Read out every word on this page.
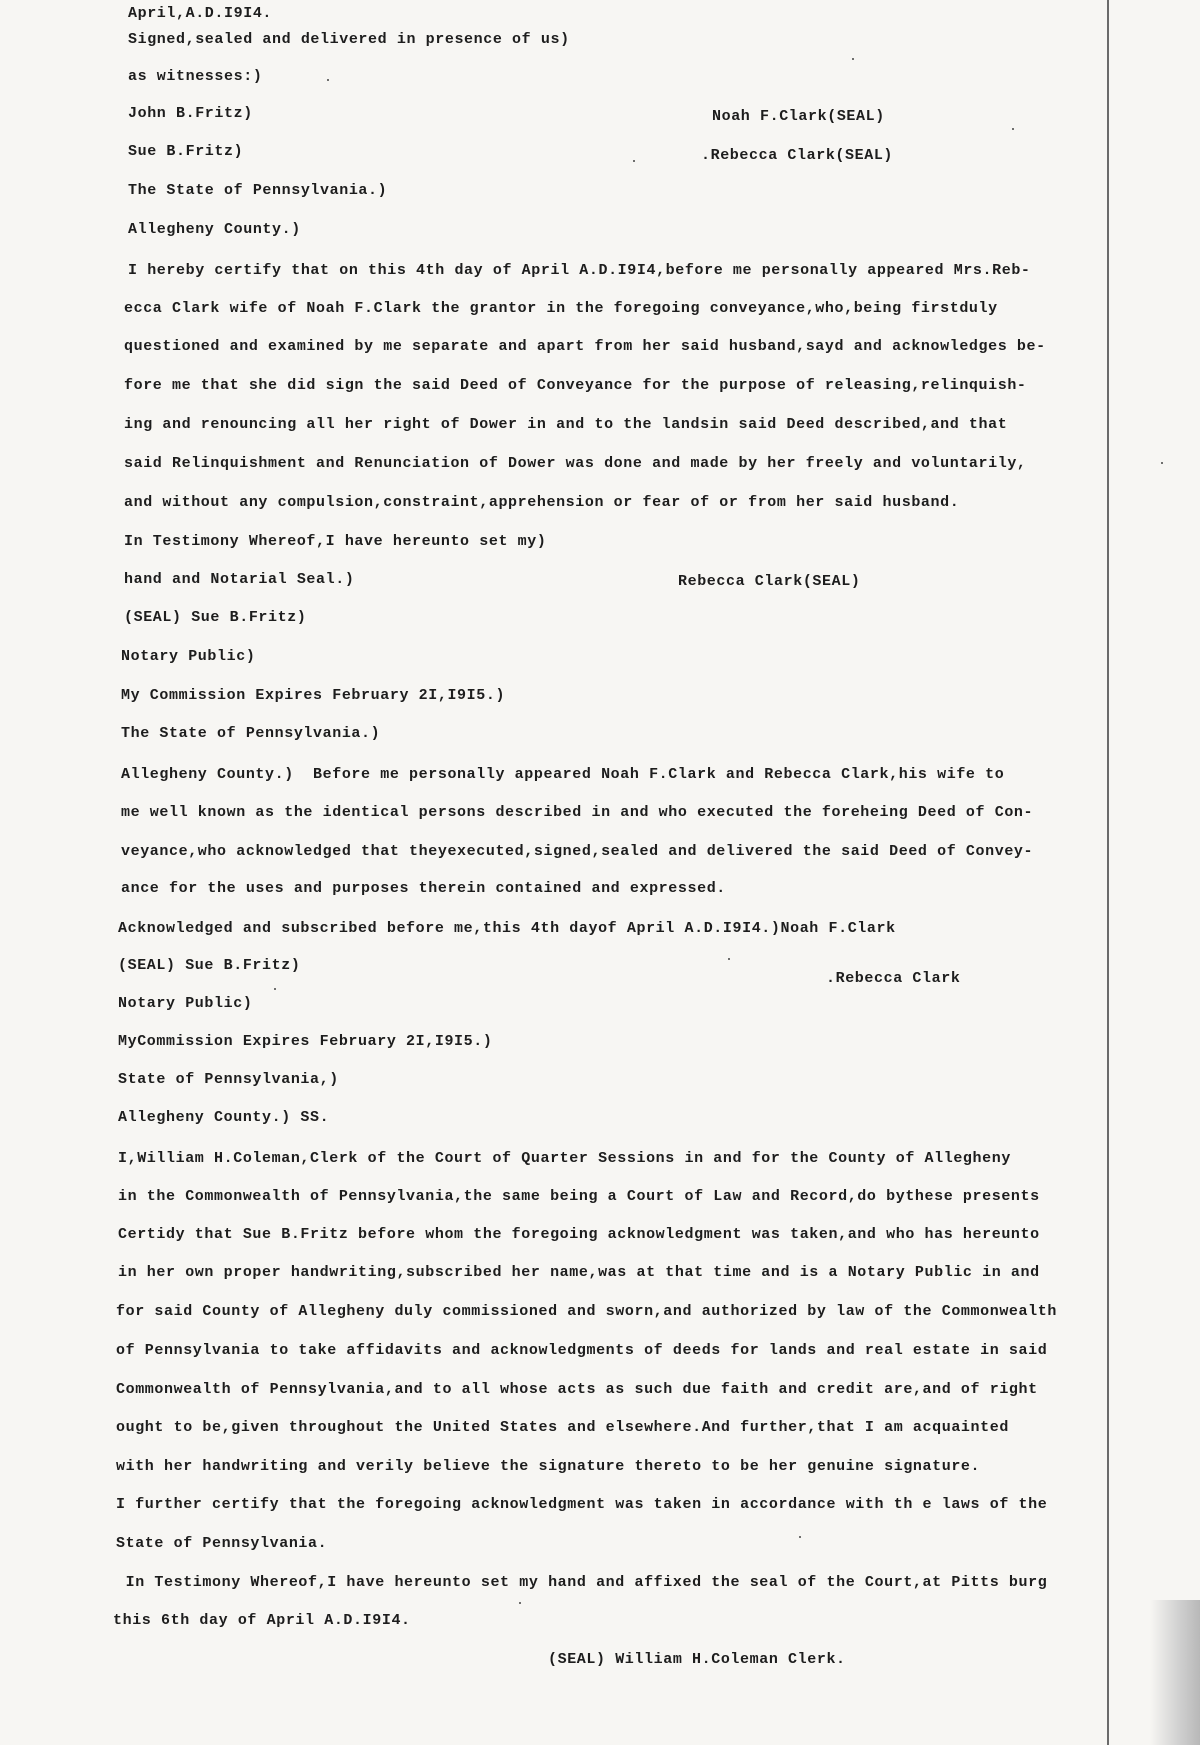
April,A.D.I9I4.
Signed,sealed and delivered in presence of us)
as witnesses:)
John B.Fritz)	Noah F.Clark(SEAL)
Sue B.Fritz)	.Rebecca Clark(SEAL)
The State of Pennsylvania.)
Allegheny County.)
I hereby certify that on this 4th day of April A.D.I9I4,before me personally appeared Mrs.Reb-
ecca Clark wife of Noah F.Clark the grantor in the foregoing conveyance,who,being firstduly
questioned and examined by me separate and apart from her said husband,sayd and acknowledges be-
fore me that she did sign the said Deed of Conveyance for the purpose of releasing,relinquish-
ing and renouncing all her right of Dower in and to the landsin said Deed described,and that
said Relinquishment and Renunciation of Dower was done and made by her freely and voluntarily,
and without any compulsion,constraint,apprehension or fear of or from her said husband.
In Testimony Whereof,I have hereunto set my)
hand and Notarial Seal.)	Rebecca Clark(SEAL)
(SEAL) Sue B.Fritz)
Notary Public)
My Commission Expires February 2I,I9I5.)
The State of Pennsylvania.)
Allegheny County.)  Before me personally appeared Noah F.Clark and Rebecca Clark,his wife to
me well known as the identical persons described in and who executed the foreheing Deed of Con-
veyance,who acknowledged that theyexecuted,signed,sealed and delivered the said Deed of Convey-
ance for the uses and purposes therein contained and expressed.
Acknowledged and subscribed before me,this 4th dayof April A.D.I9I4.)Noah F.Clark
(SEAL) Sue B.Fritz)
.Rebecca Clark
Notary Public)
MyCommission Expires February 2I,I9I5.)
State of Pennsylvania,)
Allegheny County.) SS.
I,William H.Coleman,Clerk of the Court of Quarter Sessions in and for the County of Allegheny
in the Commonwealth of Pennsylvania,the same being a Court of Law and Record,do bythese presents
Certidy that Sue B.Fritz before whom the foregoing acknowledgment was taken,and who has hereunto
in her own proper handwriting,subscribed her name,was at that time and is a Notary Public in and
for said County of Allegheny duly commissioned and sworn,and authorized by law of the Commonwealth
of Pennsylvania to take affidavits and acknowledgments of deeds for lands and real estate in said
Commonwealth of Pennsylvania,and to all whose acts as such due faith and credit are,and of right
ought to be,given throughout the United States and elsewhere.And further,that I am acquainted
with her handwriting and verily believe the signature thereto to be her genuine signature.
I further certify that the foregoing acknowledgment was taken in accordance with th e laws of the
State of Pennsylvania.
In Testimony Whereof,I have hereunto set my hand and affixed the seal of the Court,at Pitts burg
this 6th day of April A.D.I9I4.
(SEAL) William H.Coleman Clerk.
